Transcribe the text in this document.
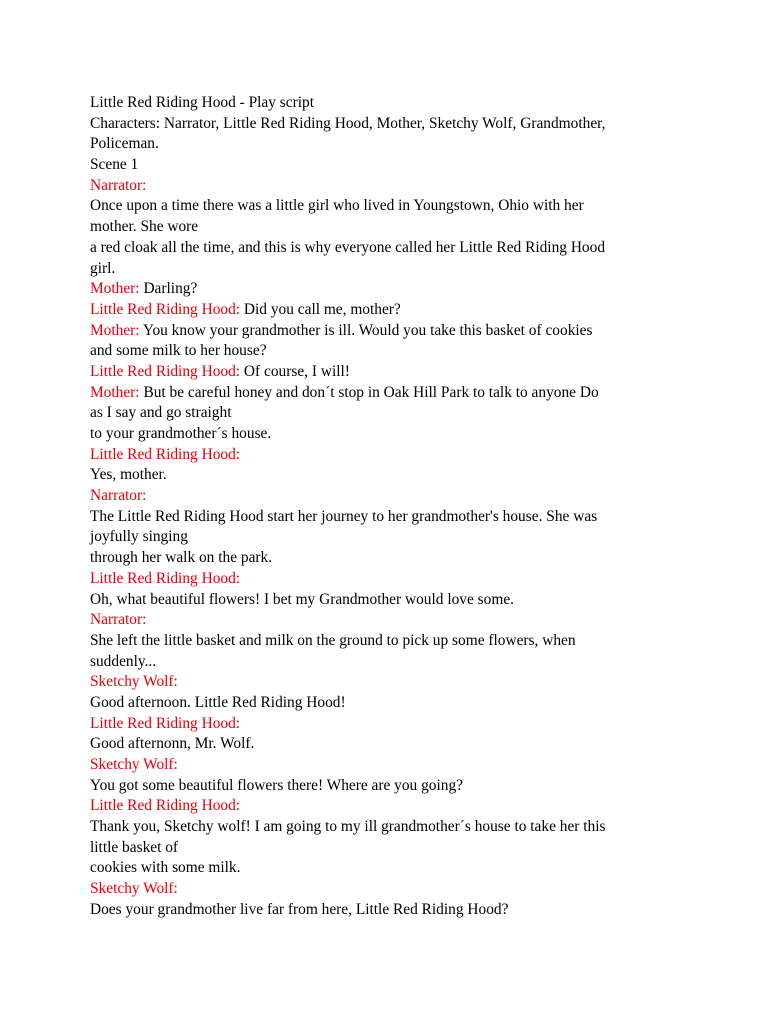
Little Red Riding Hood - Play script
Characters: Narrator, Little Red Riding Hood, Mother, Sketchy Wolf, Grandmother,
Policeman.
Scene 1
Narrator:
Once upon a time there was a little girl who lived in Youngstown, Ohio with her
mother. She wore
a red cloak all the time, and this is why everyone called her Little Red Riding Hood
girl.
Mother: Darling?
Little Red Riding Hood: Did you call me, mother?
Mother: You know your grandmother is ill. Would you take this basket of cookies
and some milk to her house?
Little Red Riding Hood: Of course, I will!
Mother: But be careful honey and don´t stop in Oak Hill Park to talk to anyone Do
as I say and go straight
to your grandmother´s house.
Little Red Riding Hood:
Yes, mother.
Narrator:
The Little Red Riding Hood start her journey to her grandmother's house. She was
joyfully singing
through her walk on the park.
Little Red Riding Hood:
Oh, what beautiful flowers! I bet my Grandmother would love some.
Narrator:
She left the little basket and milk on the ground to pick up some flowers, when
suddenly...
Sketchy Wolf:
Good afternoon. Little Red Riding Hood!
Little Red Riding Hood:
Good afternonn, Mr. Wolf.
Sketchy Wolf:
You got some beautiful flowers there! Where are you going?
Little Red Riding Hood:
Thank you, Sketchy wolf! I am going to my ill grandmother´s house to take her this
little basket of
cookies with some milk.
Sketchy Wolf:
Does your grandmother live far from here, Little Red Riding Hood?
